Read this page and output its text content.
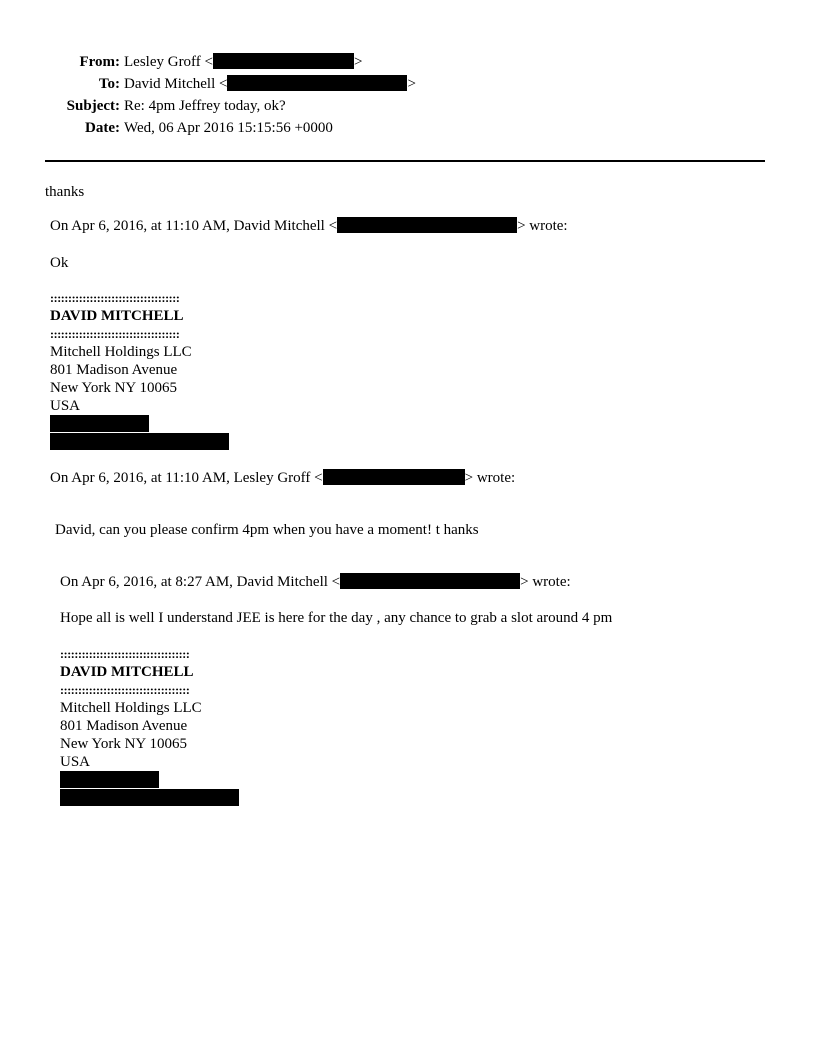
From: Lesley Groff <	>
To: David Mitchell <	>
Subject: Re: 4pm Jeffrey today, ok?
Date: Wed, 06 Apr 2016 15:15:56 +0000
thanks
On Apr 6, 2016, at 11:10 AM, David Mitchell <	> wrote:
Ok
::::::::::::::::::::::::::::::::::::
DAVID MITCHELL
::::::::::::::::::::::::::::::::::::
Mitchell Holdings LLC
801 Madison Avenue
New York NY 10065
USA
On Apr 6, 2016, at 11:10 AM, Lesley Groff <	> wrote:
David, can you please confirm 4pm when you have a moment! t hanks
On Apr 6, 2016, at 8:27 AM, David Mitchell <	> wrote:
Hope all is well I understand JEE is here for the day , any chance to grab a slot around 4 pm
::::::::::::::::::::::::::::::::::::
DAVID MITCHELL
::::::::::::::::::::::::::::::::::::
Mitchell Holdings LLC
801 Madison Avenue
New York NY 10065
USA
